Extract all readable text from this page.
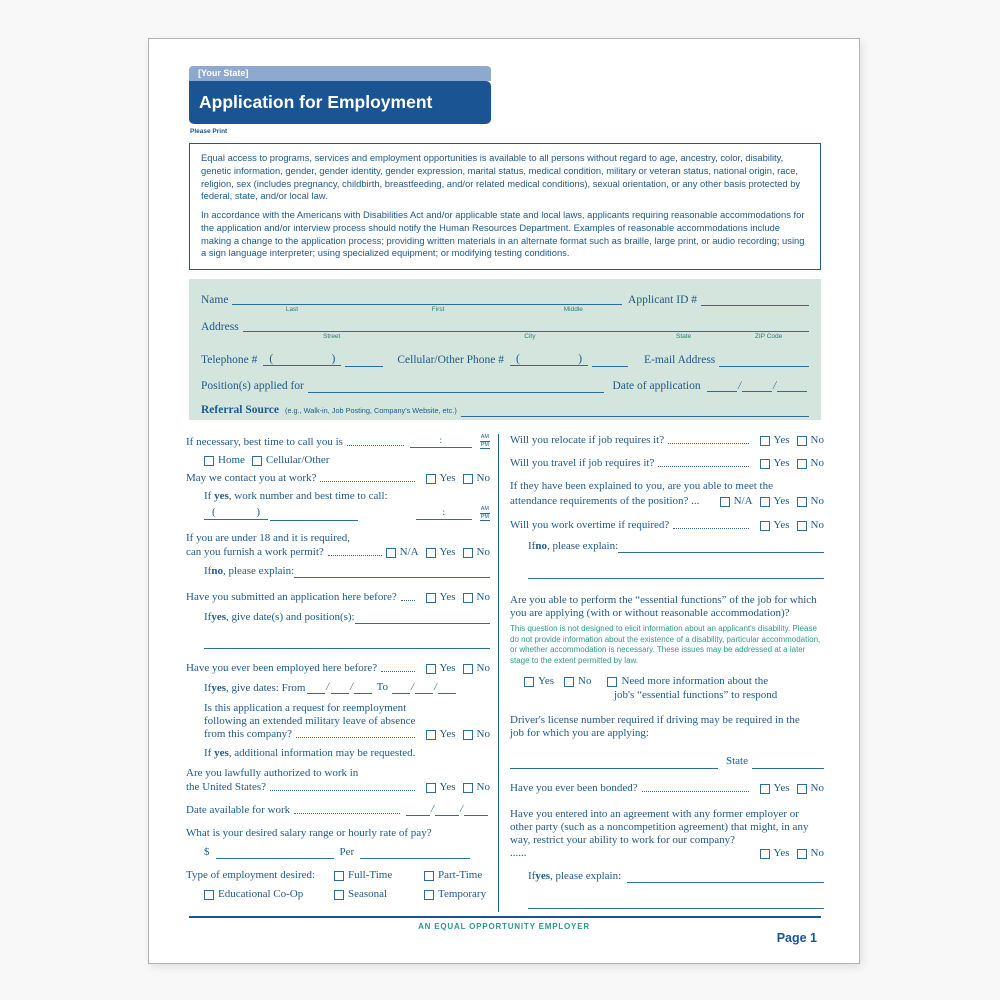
[Your State]
Application for Employment
Please Print

Equal access to programs, services and employment opportunities is available to all persons without regard to age, ancestry, color, disability, genetic information, gender, gender identity, gender expression, marital status, medical condition, military or veteran status, national origin, race, religion, sex (includes pregnancy, childbirth, breastfeeding, and/or related medical conditions), sexual orientation, or any other basis protected by federal, state, and/or local law.

In accordance with the Americans with Disabilities Act and/or applicable state and local laws, applicants requiring reasonable accommodations for the application and/or interview process should notify the Human Resources Department. Examples of reasonable accommodations include making a change to the application process; providing written materials in an alternate format such as braille, large print, or audio recording; using a sign language interpreter; using specialized equipment; or modifying testing conditions.

Name
Last	First	Middle
Applicant ID #
Address
Street	City	State	ZIP Code
Telephone # (	)	Cellular/Other Phone # (	)	E-mail Address
Position(s) applied for	Date of application	/	/
Referral Source (e.g., Walk-in, Job Posting, Company's Website, etc.)
If necessary, best time to call you is	:	AM
PM
Home Cellular/Other
May we contact you at work?	Yes No
If yes, work number and best time to call:
(	)	:	AM
PM
If you are under 18 and it is required,
can you furnish a work permit?	N/A Yes No
If no , please explain:
Have you submitted an application here before?	Yes No
If yes , give date(s) and position(s):
Have you ever been employed here before?	Yes No
If yes , give dates: From / / To / /
Is this application a request for reemployment
following an extended military leave of absence
from this company?	Yes No
If yes, additional information may be requested.
Are you lawfully authorized to work in
the United States?	Yes No
Date available for work	/ /
What is your desired salary range or hourly rate of pay?
$	Per
Type of employment desired:	Full-Time	Part-Time
Educational Co-Op	Seasonal	Temporary
Will you relocate if job requires it?	Yes No
Will you travel if job requires it?	Yes No
If they have been explained to you, are you able to meet the
attendance requirements of the position? ...	N/A Yes No
Will you work overtime if required?	Yes No
If no , please explain:
Are you able to perform the “essential functions” of the job for which
you are applying (with or without reasonable accommodation)?
This question is not designed to elicit information about an applicant's disability. Please do not provide information about the existence of a disability, particular accommodation, or whether accommodation is necessary. These issues may be addressed at a later stage to the extent permitted by law.
Yes No	Need more information about the
job's “essential functions” to respond
Driver's license number required if driving may be required in the
job for which you are applying:
State
Have you ever been bonded?	Yes No
Have you entered into an agreement with any former employer or
other party (such as a noncompetition agreement) that might, in any
way, restrict your ability to work for our company? ......	Yes No
If yes , please explain:
AN EQUAL OPPORTUNITY EMPLOYER
Page 1
